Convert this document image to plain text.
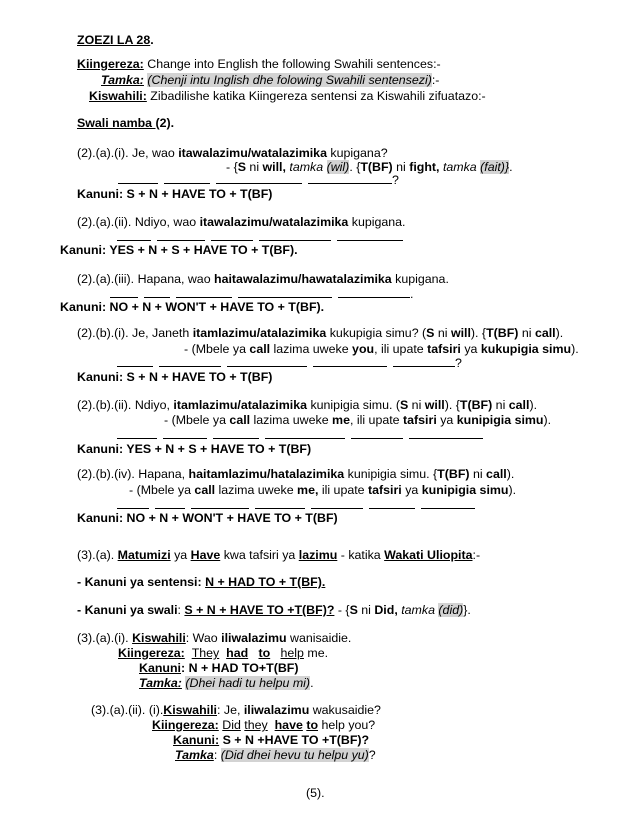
ZOEZI LA 28.
Kiingereza: Change into English the following Swahili sentences:-
Tamka: (Chenji intu Inglish dhe folowing Swahili sentensezi):-
Kiswahili: Zibadilishe katika Kiingereza sentensi za Kiswahili zifuatazo:-
Swali namba (2).
(2).(a).(i). Je, wao itawalazimu/watalazimika kupigana?
- {S ni will, tamka (wil). {T(BF) ni fight, tamka (fait)}.
?
Kanuni: S + N + HAVE TO + T(BF)
(2).(a).(ii). Ndiyo, wao itawalazimu/watalazimika kupigana.
Kanuni: YES + N + S + HAVE TO + T(BF).
(2).(a).(iii). Hapana, wao haitawalazimu/hawatalazimika kupigana.
.
Kanuni: NO + N + WON'T + HAVE TO + T(BF).
(2).(b).(i). Je, Janeth itamlazimu/atalazimika kukupigia simu? (S ni will). {T(BF) ni call).
- (Mbele ya call lazima uweke you, ili upate tafsiri ya kukupigia simu).
?
Kanuni: S + N + HAVE TO + T(BF)
(2).(b).(ii). Ndiyo, itamlazimu/atalazimika kunipigia simu. (S ni will). {T(BF) ni call).
- (Mbele ya call lazima uweke me, ili upate tafsiri ya kunipigia simu).
Kanuni: YES + N + S + HAVE TO + T(BF)
(2).(b).(iv). Hapana, haitamlazimu/hatalazimika kunipigia simu. {T(BF) ni call).
- (Mbele ya call lazima uweke me, ili upate tafsiri ya kunipigia simu).
Kanuni: NO + N + WON'T + HAVE TO + T(BF)
(3).(a). Matumizi ya Have kwa tafsiri ya lazimu - katika Wakati Uliopita:-
- Kanuni ya sentensi: N + HAD TO + T(BF).
- Kanuni ya swali: S + N + HAVE TO +T(BF)? - {S ni Did, tamka (did)}.
(3).(a).(i). Kiswahili: Wao iliwalazimu wanisaidie.
Kiingereza: They had to help me.
Kanuni: N + HAD TO+T(BF)
Tamka: (Dhei hadi tu helpu mi).
(3).(a).(ii). (i).Kiswahili: Je, iliwalazimu wakusaidie?
Kiingereza: Did they have to help you?
Kanuni: S + N +HAVE TO +T(BF)?
Tamka: (Did dhei hevu tu helpu yu)?
(5).
